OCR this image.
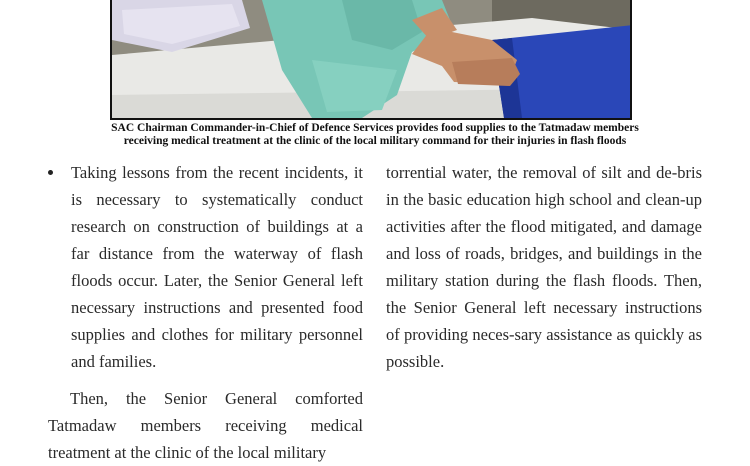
SAC Chairman Commander-in-Chief of Defence Services provides food supplies to the Tatmadaw members
receiving medical treatment at the clinic of the local military command for their injuries in flash floods

Taking lessons from the recent incidents, it is necessary to systematically conduct research on construction of buildings at a far distance from the waterway of flash floods occur. Later, the Senior General left necessary instructions and presented food supplies and clothes for military personnel and families.

Then, the Senior General comforted Tatmadaw members receiving medical treatment at the clinic of the local military

torrential water, the removal of silt and de-bris in the basic education high school and clean-up activities after the flood mitigated, and damage and loss of roads, bridges, and buildings in the military station during the flash floods. Then, the Senior General left necessary instructions of providing neces-sary assistance as quickly as possible.
